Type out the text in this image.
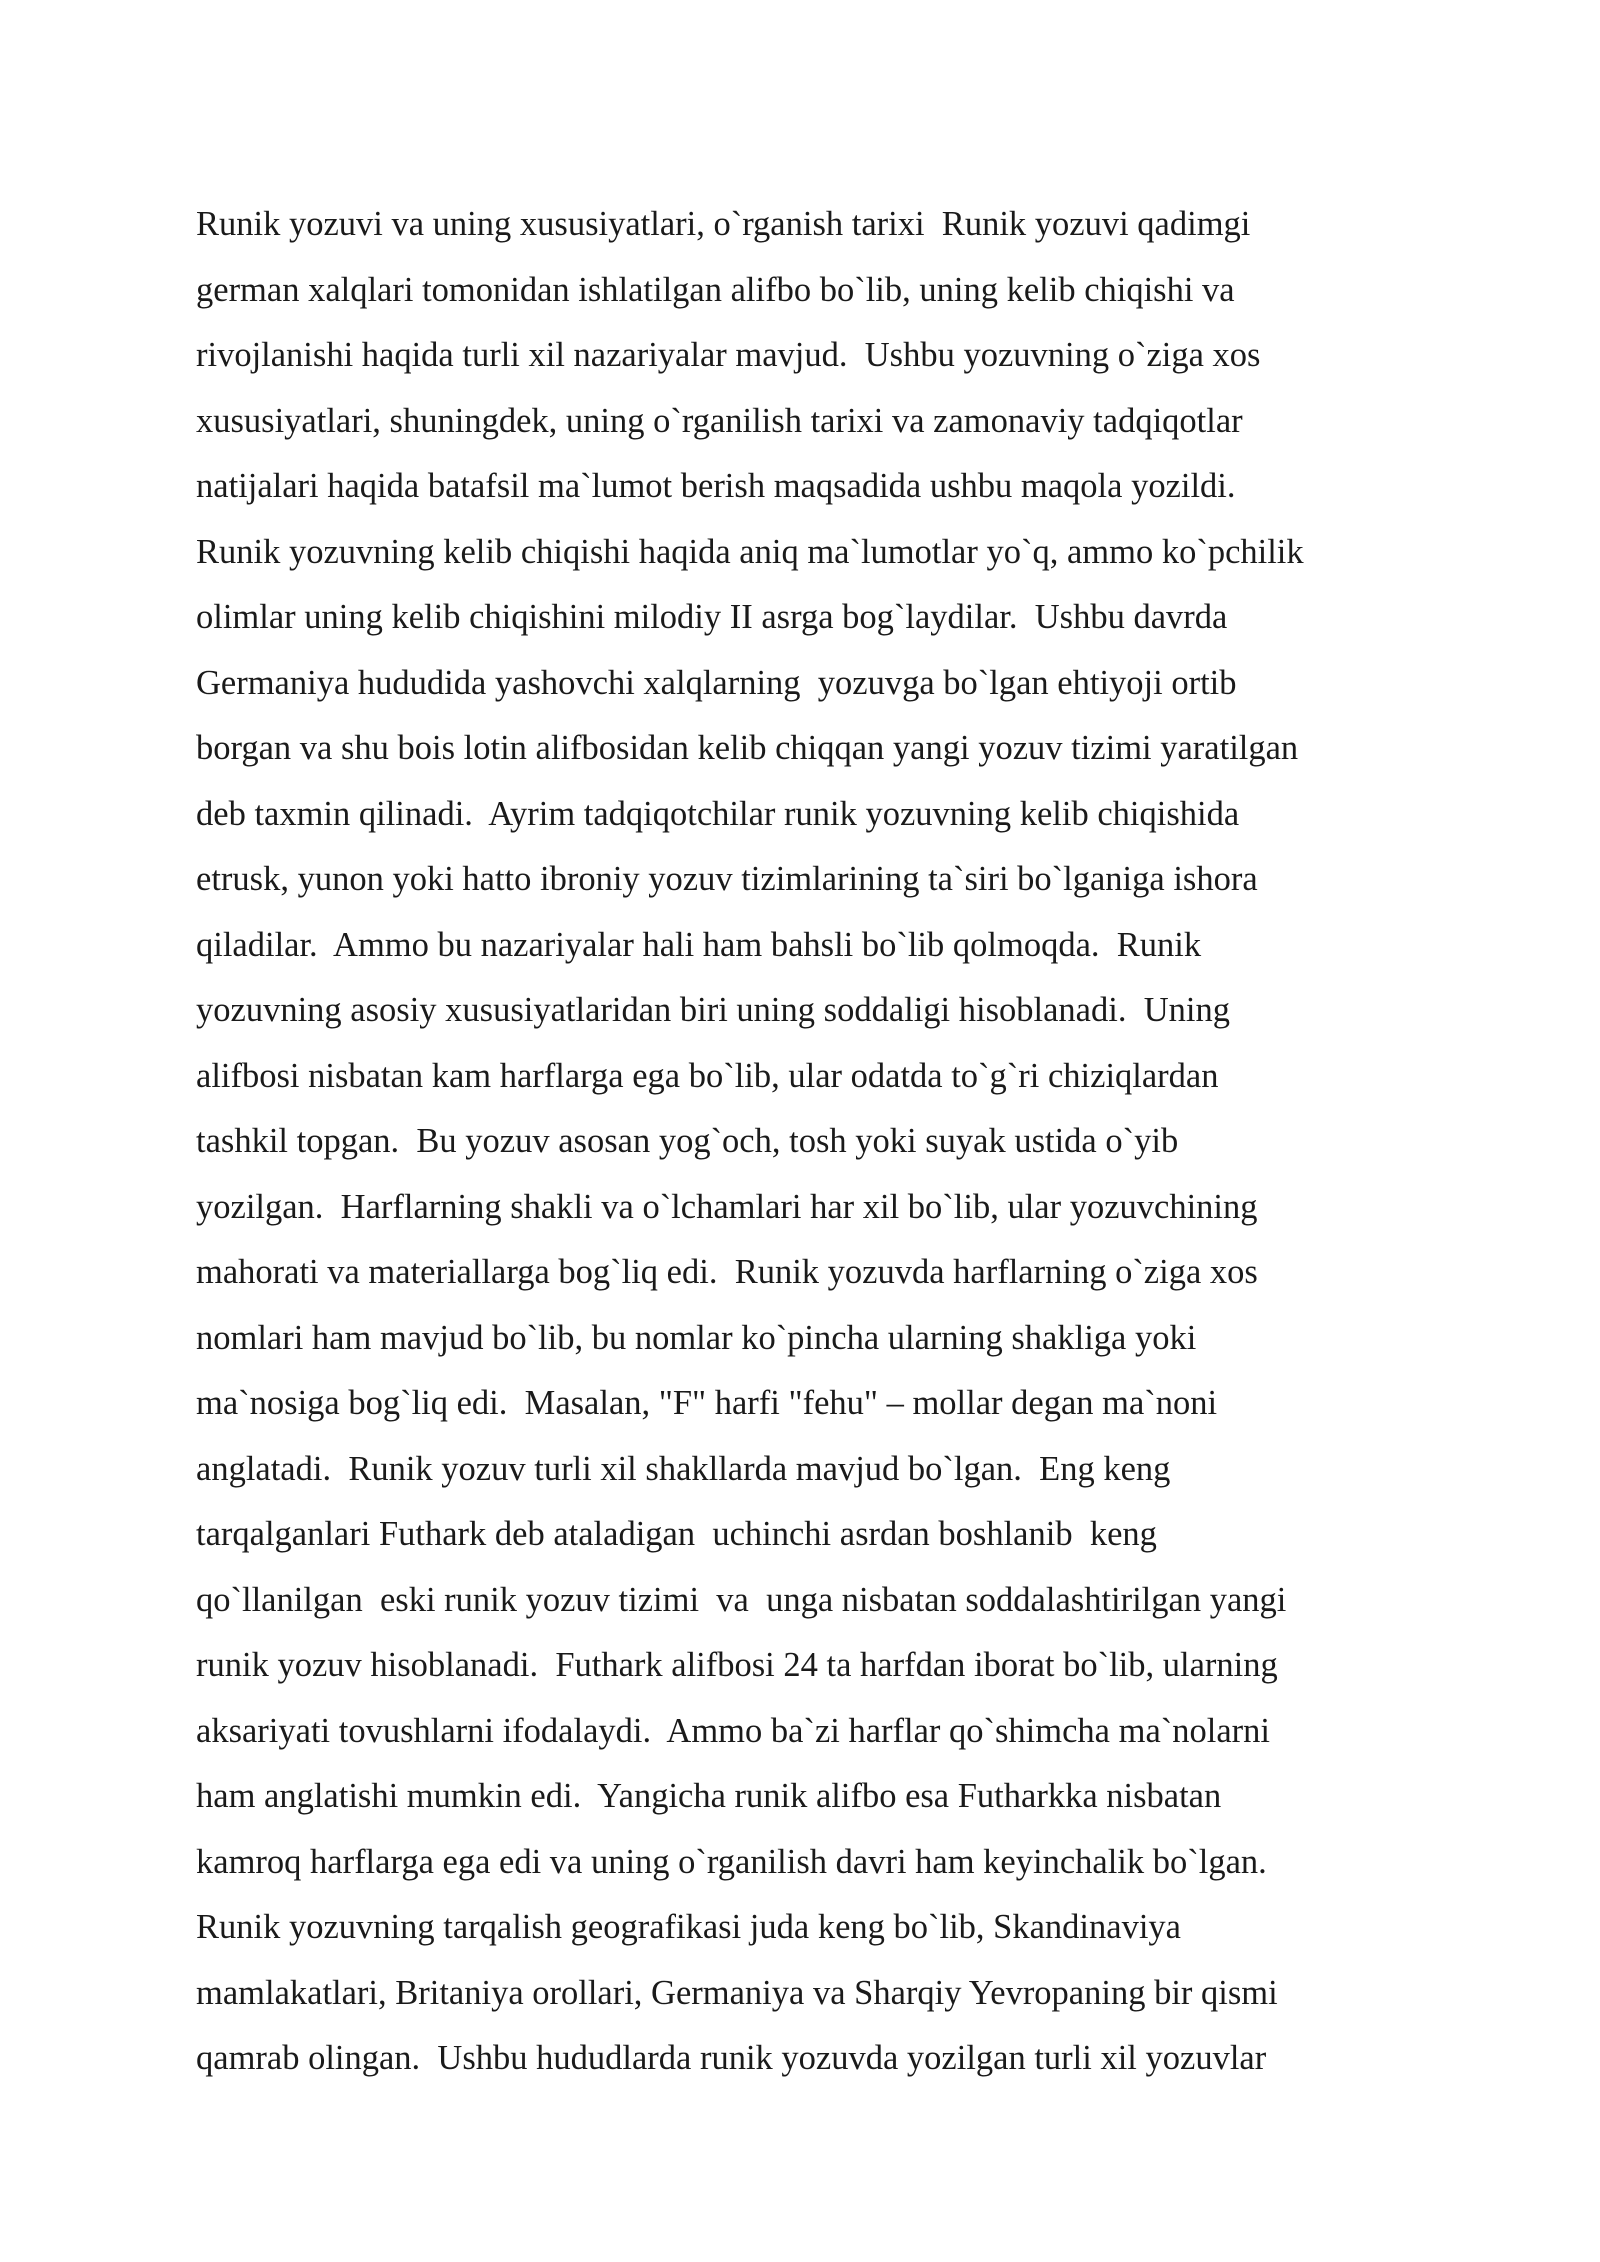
Runik yozuvi va uning xususiyatlari, o`rganish tarixi  Runik yozuvi qadimgi

german xalqlari tomonidan ishlatilgan alifbo bo`lib, uning kelib chiqishi va

rivojlanishi haqida turli xil nazariyalar mavjud.  Ushbu yozuvning o`ziga xos

xususiyatlari, shuningdek, uning o`rganilish tarixi va zamonaviy tadqiqotlar

natijalari haqida batafsil ma`lumot berish maqsadida ushbu maqola yozildi.

Runik yozuvning kelib chiqishi haqida aniq ma`lumotlar yo`q, ammo ko`pchilik

olimlar uning kelib chiqishini milodiy II asrga bog`laydilar.  Ushbu davrda

Germaniya hududida yashovchi xalqlarning  yozuvga bo`lgan ehtiyoji ortib

borgan va shu bois lotin alifbosidan kelib chiqqan yangi yozuv tizimi yaratilgan

deb taxmin qilinadi.  Ayrim tadqiqotchilar runik yozuvning kelib chiqishida

etrusk, yunon yoki hatto ibroniy yozuv tizimlarining ta`siri bo`lganiga ishora

qiladilar.  Ammo bu nazariyalar hali ham bahsli bo`lib qolmoqda.  Runik

yozuvning asosiy xususiyatlaridan biri uning soddaligi hisoblanadi.  Uning

alifbosi nisbatan kam harflarga ega bo`lib, ular odatda to`g`ri chiziqlardan

tashkil topgan.  Bu yozuv asosan yog`och, tosh yoki suyak ustida o`yib

yozilgan.  Harflarning shakli va o`lchamlari har xil bo`lib, ular yozuvchining

mahorati va materiallarga bog`liq edi.  Runik yozuvda harflarning o`ziga xos

nomlari ham mavjud bo`lib, bu nomlar ko`pincha ularning shakliga yoki

ma`nosiga bog`liq edi.  Masalan, "F" harfi "fehu" – mollar degan ma`noni

anglatadi.  Runik yozuv turli xil shakllarda mavjud bo`lgan.  Eng keng

tarqalganlari Futhark deb ataladigan  uchinchi asrdan boshlanib  keng

qo`llanilgan  eski runik yozuv tizimi  va  unga nisbatan soddalashtirilgan yangi

runik yozuv hisoblanadi.  Futhark alifbosi 24 ta harfdan iborat bo`lib, ularning

aksariyati tovushlarni ifodalaydi.  Ammo ba`zi harflar qo`shimcha ma`nolarni

ham anglatishi mumkin edi.  Yangicha runik alifbo esa Futharkka nisbatan

kamroq harflarga ega edi va uning o`rganilish davri ham keyinchalik bo`lgan.

Runik yozuvning tarqalish geografikasi juda keng bo`lib, Skandinaviya

mamlakatlari, Britaniya orollari, Germaniya va Sharqiy Yevropaning bir qismi

qamrab olingan.  Ushbu hududlarda runik yozuvda yozilgan turli xil yozuvlar
